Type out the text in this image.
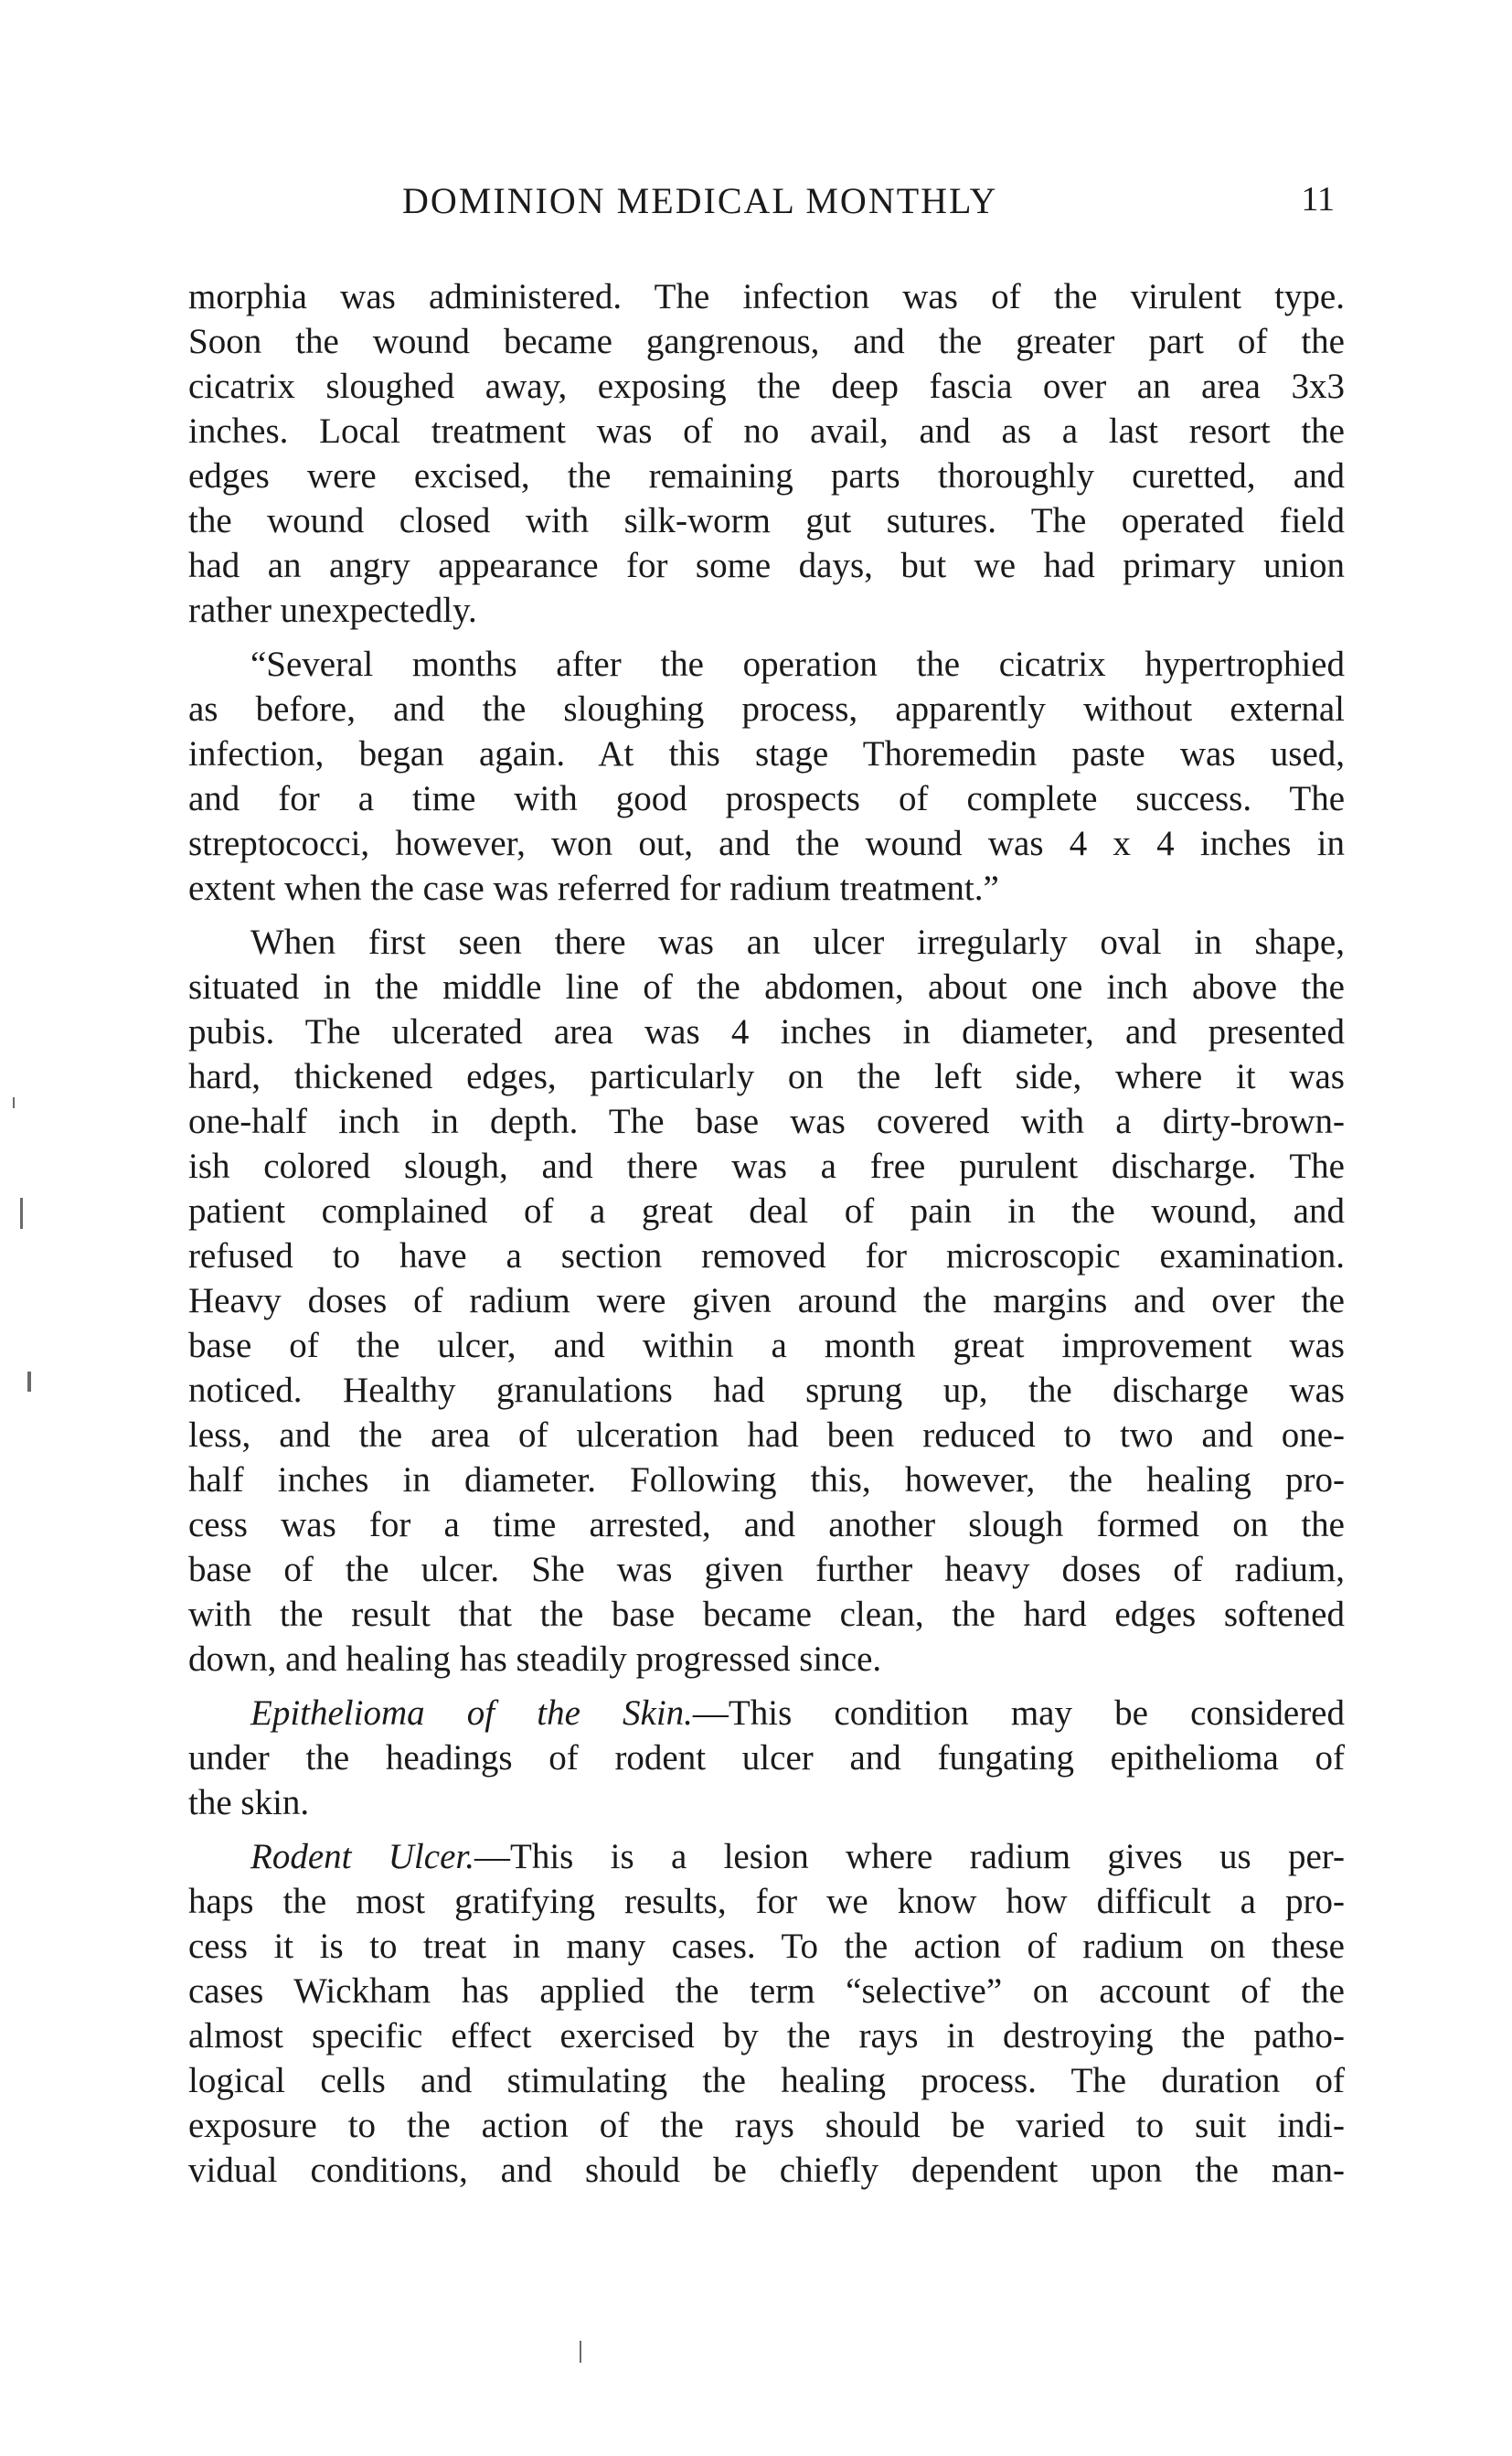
DOMINION MEDICAL MONTHLY	11
morphia was administered. The infection was of the virulent type.
Soon the wound became gangrenous, and the greater part of the
cicatrix sloughed away, exposing the deep fascia over an area 3x3
inches. Local treatment was of no avail, and as a last resort the
edges were excised, the remaining parts thoroughly curetted, and
the wound closed with silk-worm gut sutures. The operated field
had an angry appearance for some days, but we had primary union
rather unexpectedly.
“Several months after the operation the cicatrix hypertrophied
as before, and the sloughing process, apparently without external
infection, began again. At this stage Thoremedin paste was used,
and for a time with good prospects of complete success. The
streptococci, however, won out, and the wound was 4 x 4 inches in
extent when the case was referred for radium treatment.”
When first seen there was an ulcer irregularly oval in shape,
situated in the middle line of the abdomen, about one inch above the
pubis. The ulcerated area was 4 inches in diameter, and presented
hard, thickened edges, particularly on the left side, where it was
one-half inch in depth. The base was covered with a dirty-brown-
ish colored slough, and there was a free purulent discharge. The
patient complained of a great deal of pain in the wound, and
refused to have a section removed for microscopic examination.
Heavy doses of radium were given around the margins and over the
base of the ulcer, and within a month great improvement was
noticed. Healthy granulations had sprung up, the discharge was
less, and the area of ulceration had been reduced to two and one-
half inches in diameter. Following this, however, the healing pro-
cess was for a time arrested, and another slough formed on the
base of the ulcer. She was given further heavy doses of radium,
with the result that the base became clean, the hard edges softened
down, and healing has steadily progressed since.
Epithelioma of the Skin.—This condition may be considered
under the headings of rodent ulcer and fungating epithelioma of
the skin.
Rodent Ulcer.—This is a lesion where radium gives us per-
haps the most gratifying results, for we know how difficult a pro-
cess it is to treat in many cases. To the action of radium on these
cases Wickham has applied the term “selective” on account of the
almost specific effect exercised by the rays in destroying the patho-
logical cells and stimulating the healing process. The duration of
exposure to the action of the rays should be varied to suit indi-
vidual conditions, and should be chiefly dependent upon the man-
